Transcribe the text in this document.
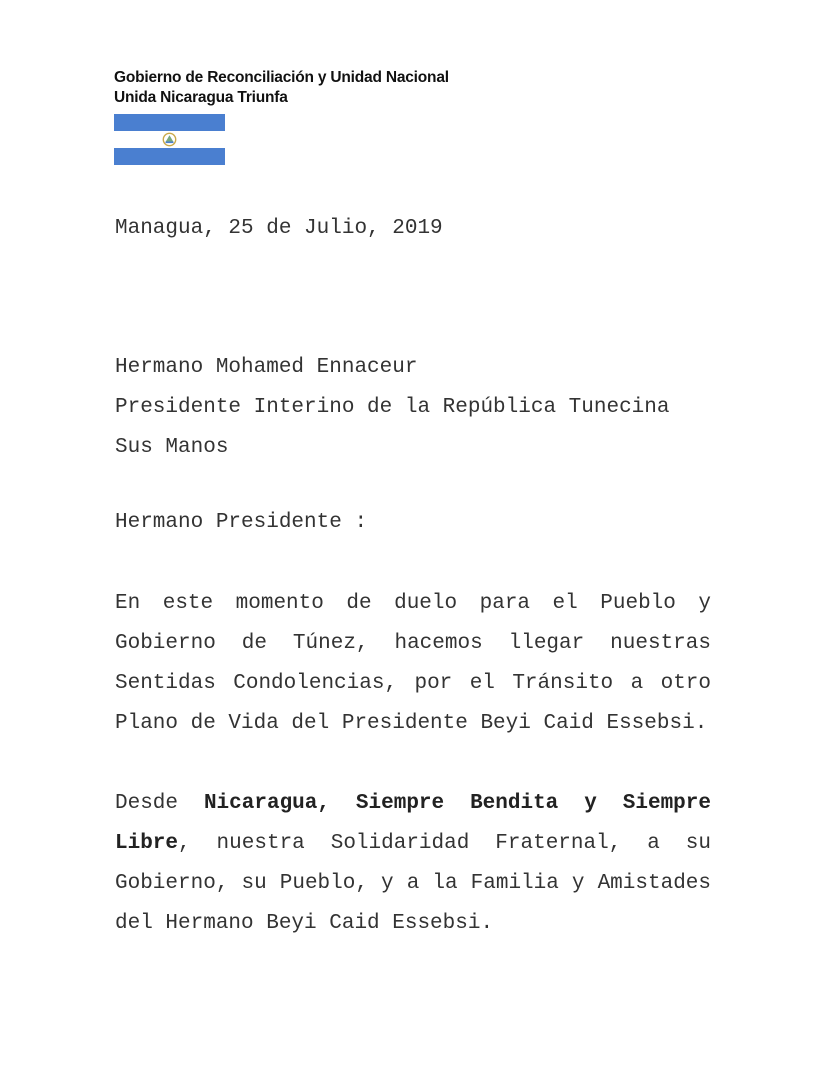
Gobierno de Reconciliación y Unidad Nacional
Unida Nicaragua Triunfa
Managua, 25 de Julio, 2019
Hermano Mohamed Ennaceur
Presidente Interino de la República Tunecina
Sus Manos
Hermano Presidente :
En este momento de duelo para el Pueblo y
Gobierno de Túnez, hacemos llegar nuestras
Sentidas Condolencias, por el Tránsito a otro
Plano de Vida del Presidente Beyi Caid Essebsi.
Desde Nicaragua, Siempre Bendita y Siempre
Libre, nuestra Solidaridad Fraternal, a su
Gobierno, su Pueblo, y a la Familia y Amistades
del Hermano Beyi Caid Essebsi.
